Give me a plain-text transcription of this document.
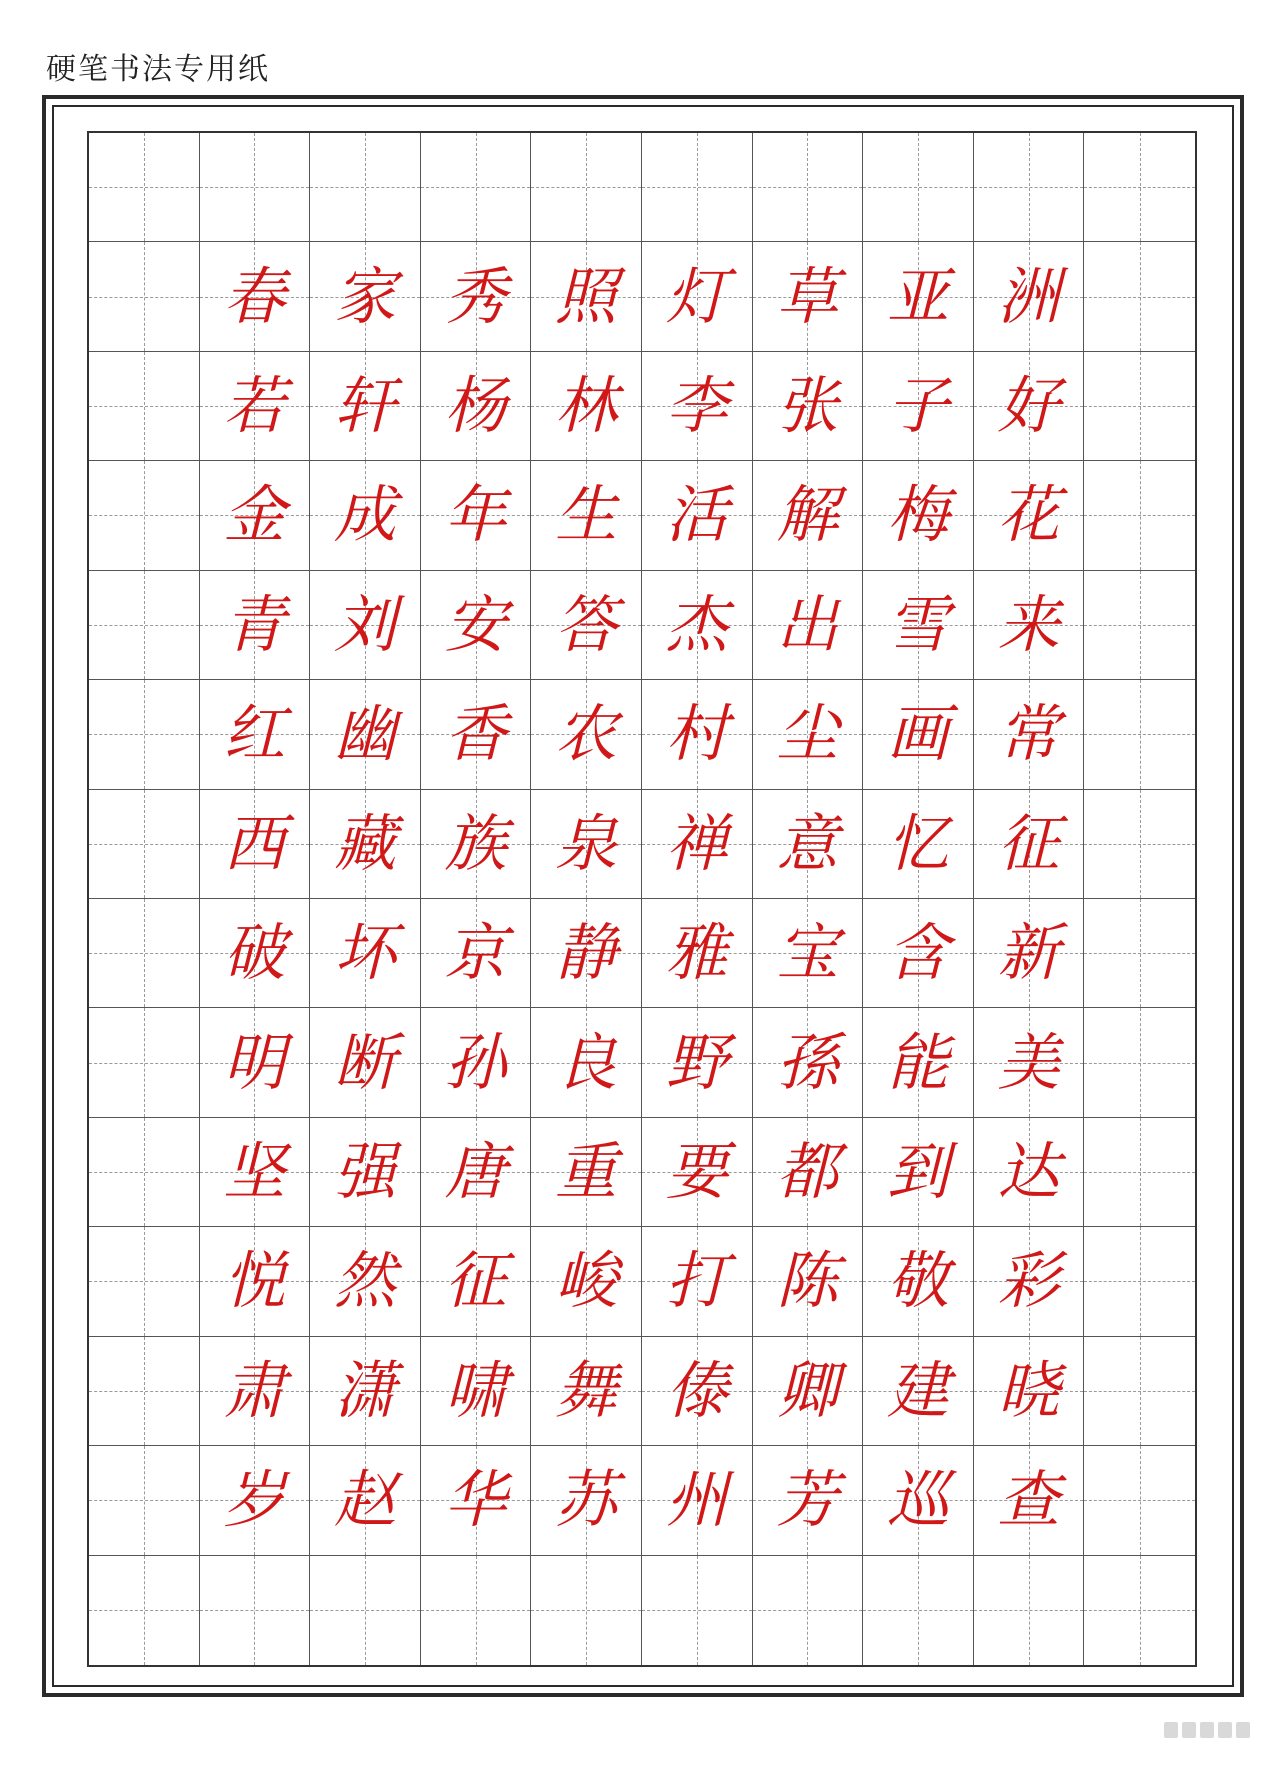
硬笔书法专用纸
春 家 秀 照 灯 草 亚 洲
若 轩 杨 林 李 张 子 好
金 成 年 生 活 解 梅 花
青 刘 安 答 杰 出 雪 来
红 幽 香 农 村 尘 画 常
西 藏 族 泉 禅 意 忆 征
破 坏 京 静 雅 宝 含 新
明 断 孙 良 野 孫 能 美
坚 强 唐 重 要 都 到 达
悦 然 征 峻 打 陈 敬 彩
肃 潇 啸 舞 傣 卿 建 晓
岁 赵 华 苏 州 芳 巡 查
